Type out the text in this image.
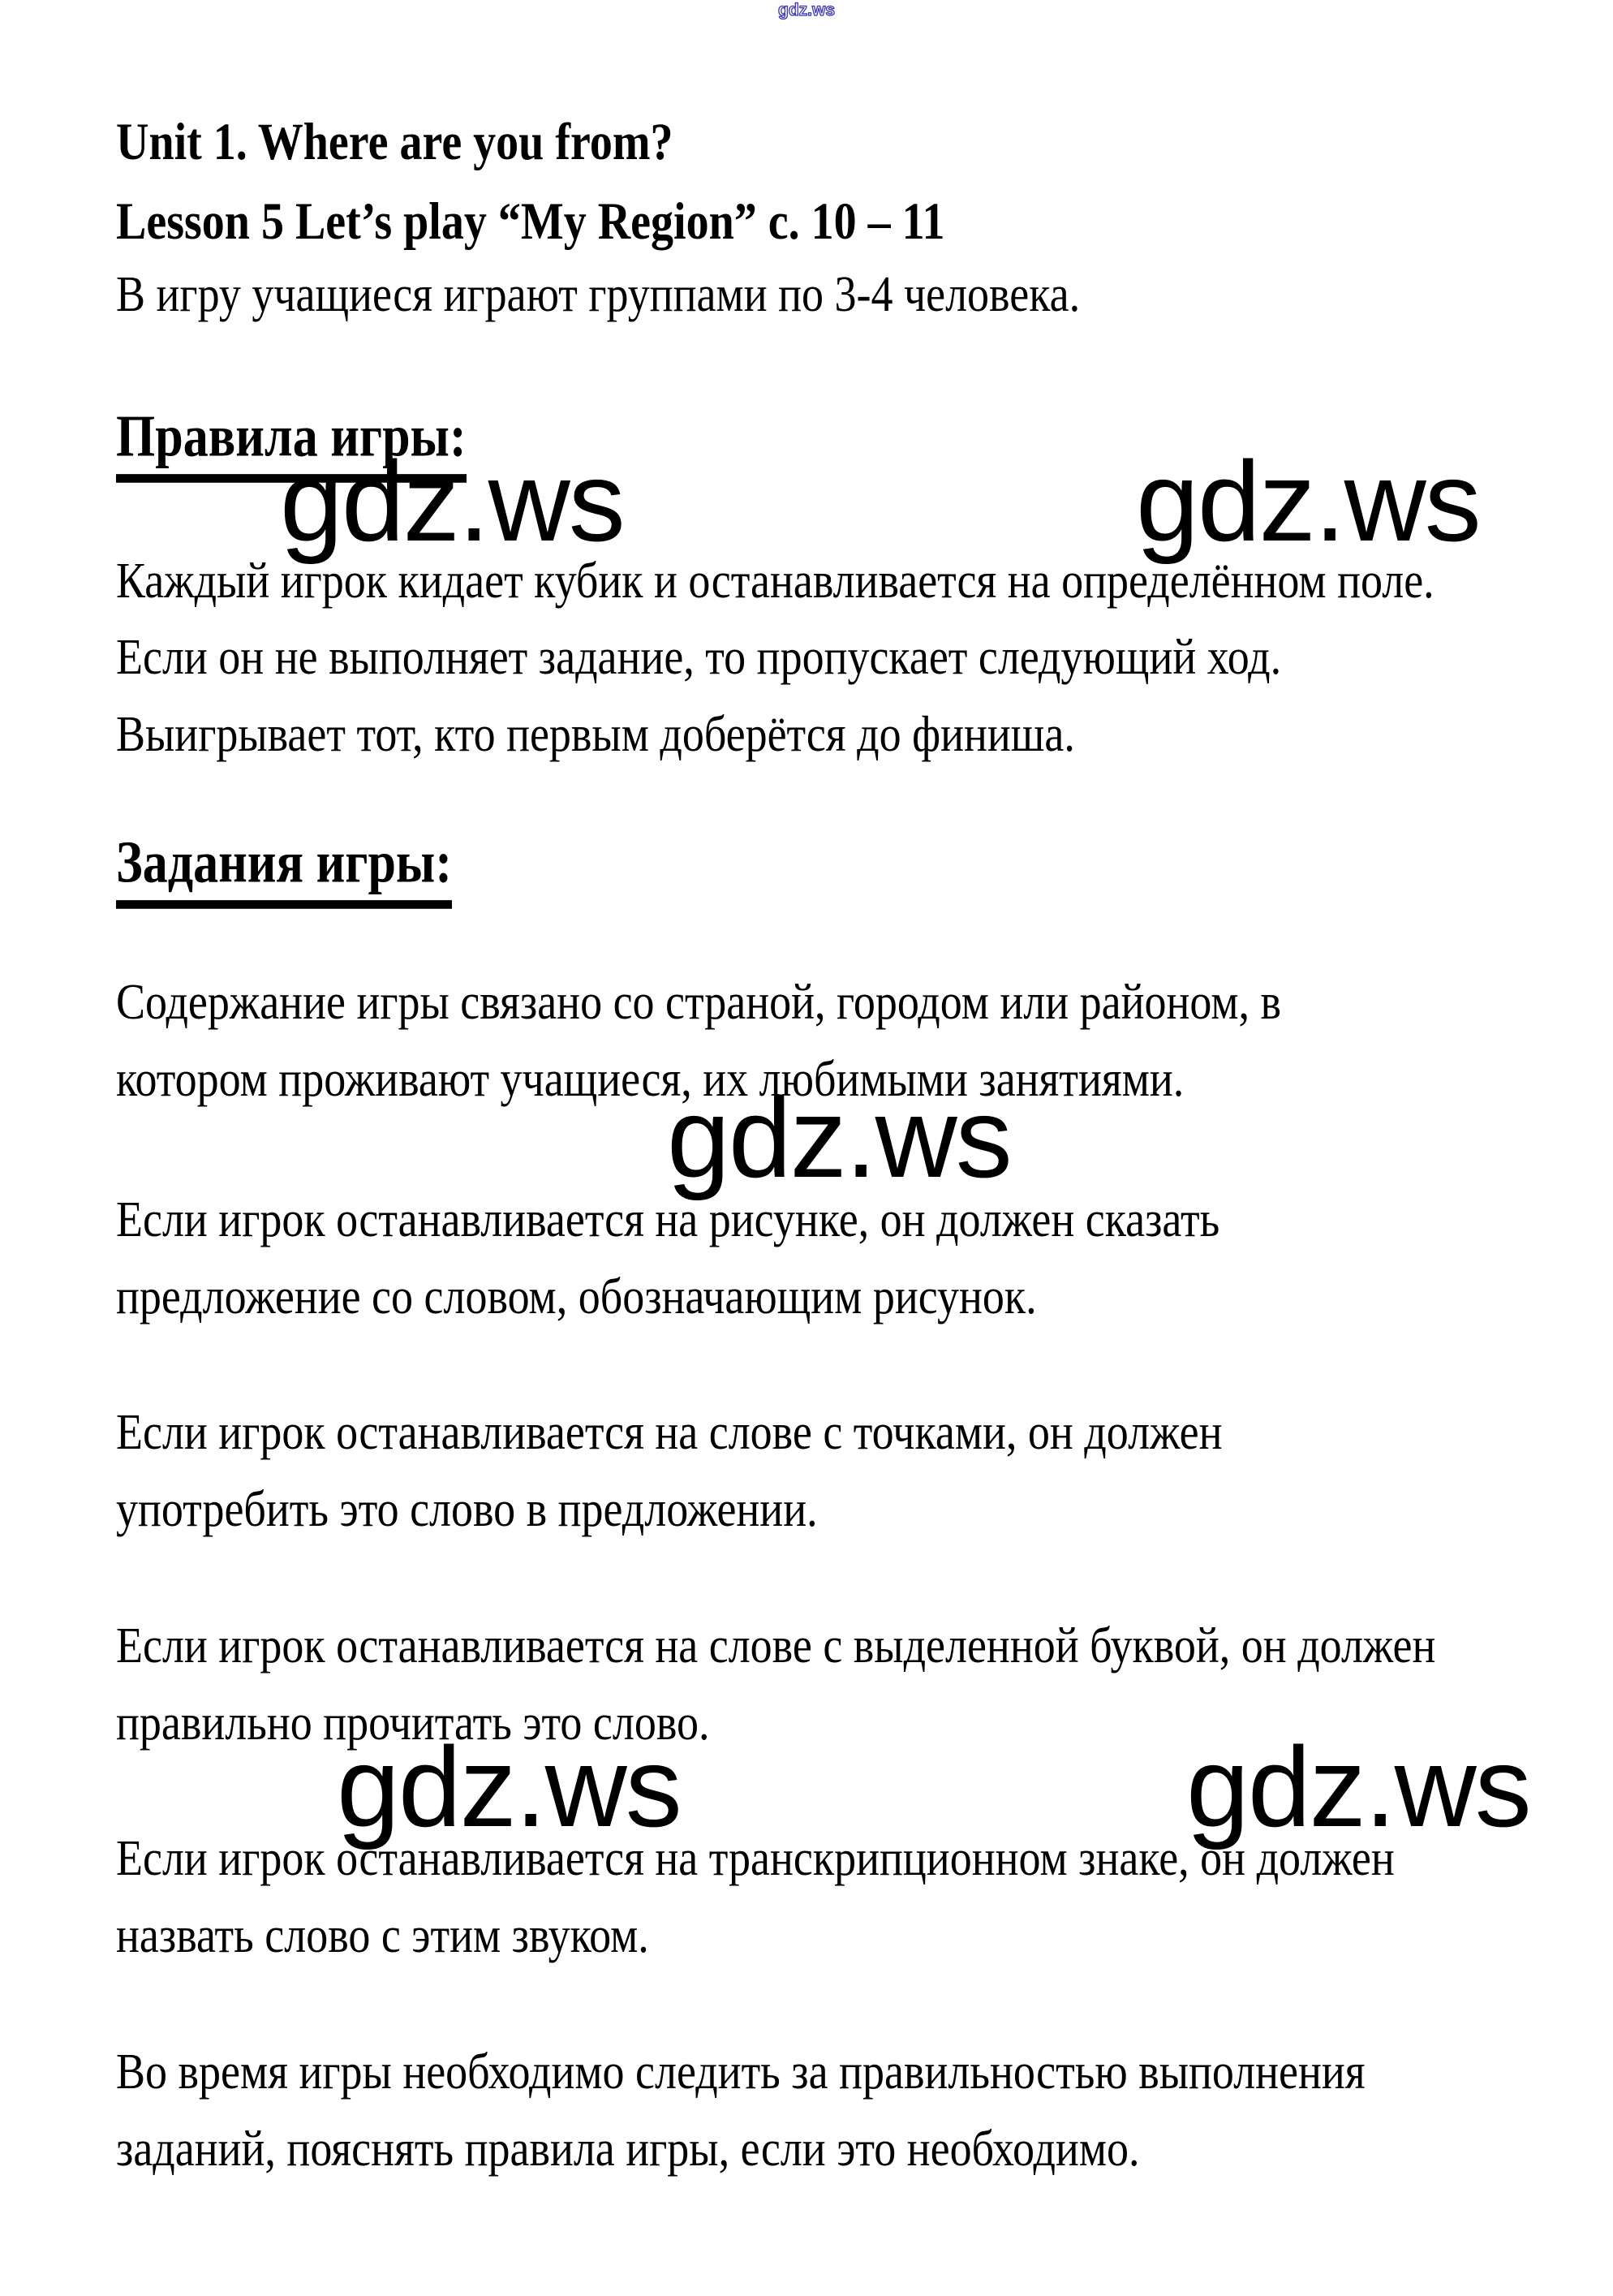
gdz.ws
Unit 1. Where are you from?
Lesson 5 Let’s play “My Region” с. 10 – 11
В игру учащиеся играют группами по 3-4 человека.
Правила игры:
gdz.ws	gdz.ws
Каждый игрок кидает кубик и останавливается на определённом поле.
Если он не выполняет задание, то пропускает следующий ход.
Выигрывает тот, кто первым доберётся до финиша.
Задания игры:
Содержание игры связано со страной, городом или районом, в
котором проживают учащиеся, их любимыми занятиями.
gdz.ws
Если игрок останавливается на рисунке, он должен сказать
предложение со словом, обозначающим рисунок.
Если игрок останавливается на слове с точками, он должен
употребить это слово в предложении.
Если игрок останавливается на слове с выделенной буквой, он должен
правильно прочитать это слово.
gdz.ws	gdz.ws
Если игрок останавливается на транскрипционном знаке, он должен
назвать слово с этим звуком.
Во время игры необходимо следить за правильностью выполнения
заданий, пояснять правила игры, если это необходимо.
